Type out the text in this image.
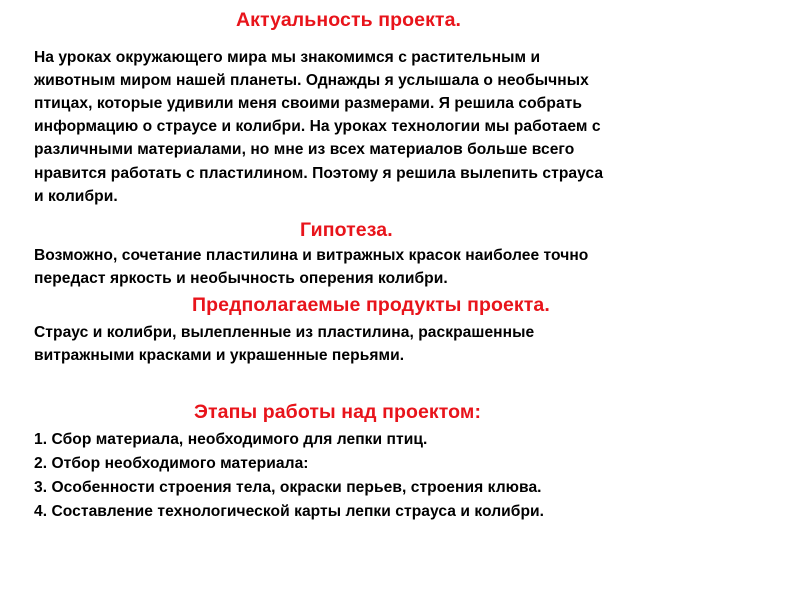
Актуальность проекта.
На уроках окружающего мира мы знакомимся с растительным и
животным миром нашей планеты. Однажды я услышала о необычных
птицах, которые удивили меня своими размерами. Я решила собрать
информацию о страусе и колибри. На уроках технологии мы работаем с
различными материалами, но мне из всех материалов больше всего
нравится работать с пластилином. Поэтому я решила вылепить страуса
и колибри.
Гипотеза.
Возможно, сочетание пластилина и витражных красок наиболее точно
передаст яркость и необычность оперения колибри.
Предполагаемые продукты проекта.
Страус и колибри, вылепленные из пластилина, раскрашенные
витражными красками и украшенные перьями.
Этапы работы над проектом:
1. Сбор материала, необходимого для лепки птиц.
2. Отбор необходимого материала:
3. Особенности строения тела, окраски перьев, строения клюва.
4. Составление технологической карты лепки страуса и колибри.
